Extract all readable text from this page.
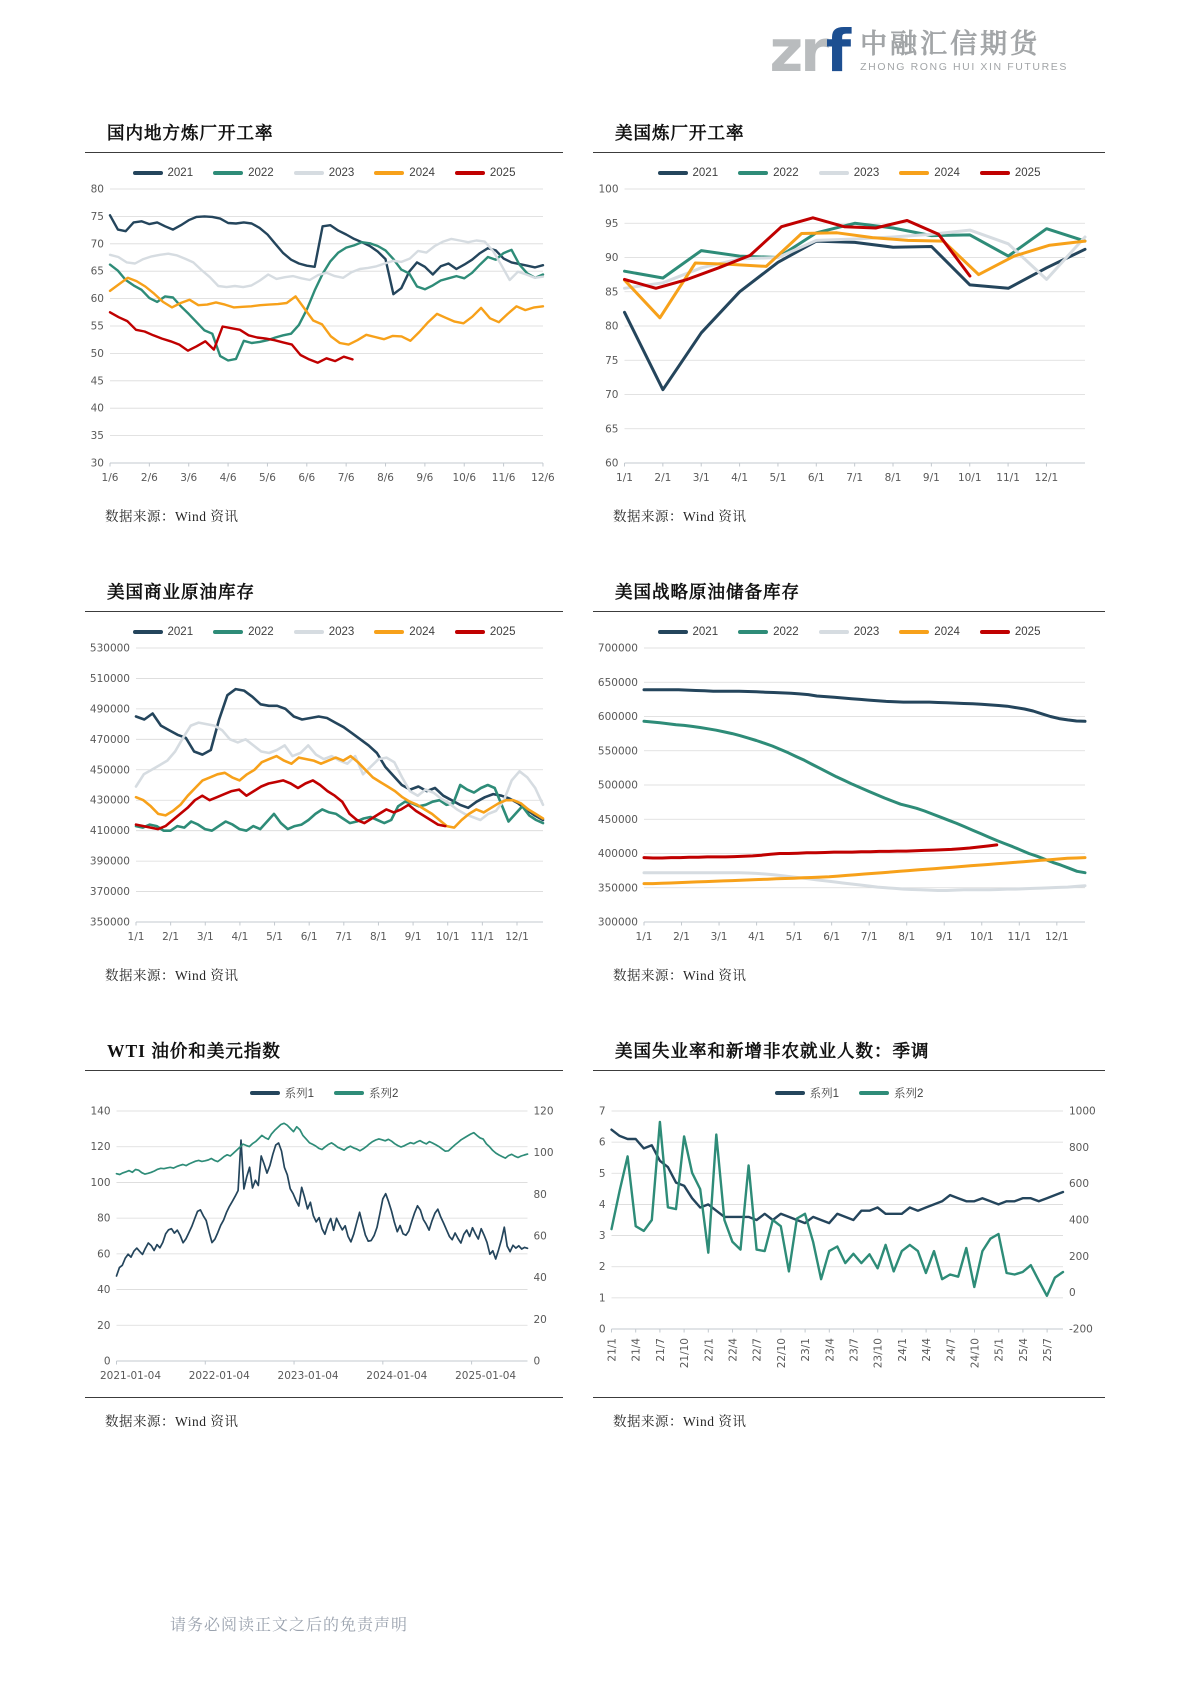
zrf 中融汇信期货
ZHONG RONG HUI XIN FUTURES
国内地方炼厂开工率
2021	2022	2023	2024	2025
30
35
40
45
50
55
60
65
70
75
80
1/6 2/6 3/6 4/6 5/6 6/6 7/6 8/6 9/6 10/6 11/6 12/6
数据来源：Wind 资讯
美国炼厂开工率
2021	2022	2023	2024	2025
60
65
70
75
80
85
90
95
100
1/1 2/1 3/1 4/1 5/1 6/1 7/1 8/1 9/1 10/1 11/1 12/1
数据来源：Wind 资讯
美国商业原油库存
2021	2022	2023	2024	2025
350000
370000
390000
410000
430000
450000
470000
490000
510000
530000
1/1 2/1 3/1 4/1 5/1 6/1 7/1 8/1 9/1 10/1 11/1 12/1
数据来源：Wind 资讯
美国战略原油储备库存
2021	2022	2023	2024	2025
300000
350000
400000
450000
500000
550000
600000
650000
700000
1/1 2/1 3/1 4/1 5/1 6/1 7/1 8/1 9/1 10/1 11/1 12/1
数据来源：Wind 资讯
WTI 油价和美元指数
系列1	系列2
0
20
40
60
80
100
120
140
0
20
40
60
80
100
120
2021-01-04	2022-01-04	2023-01-04	2024-01-04	2025-01-04
数据来源：Wind 资讯
美国失业率和新增非农就业人数：季调
系列1	系列2
0
1
2
3
4
5
6
7
-200
0
200
400
600
800
1000
21/1 21/4 21/7 21/10 22/1 22/4 22/7 22/10 23/1 23/4 23/7 23/10 24/1 24/4 24/7 24/10 25/1 25/4 25/7
数据来源：Wind 资讯
请务必阅读正文之后的免责声明
